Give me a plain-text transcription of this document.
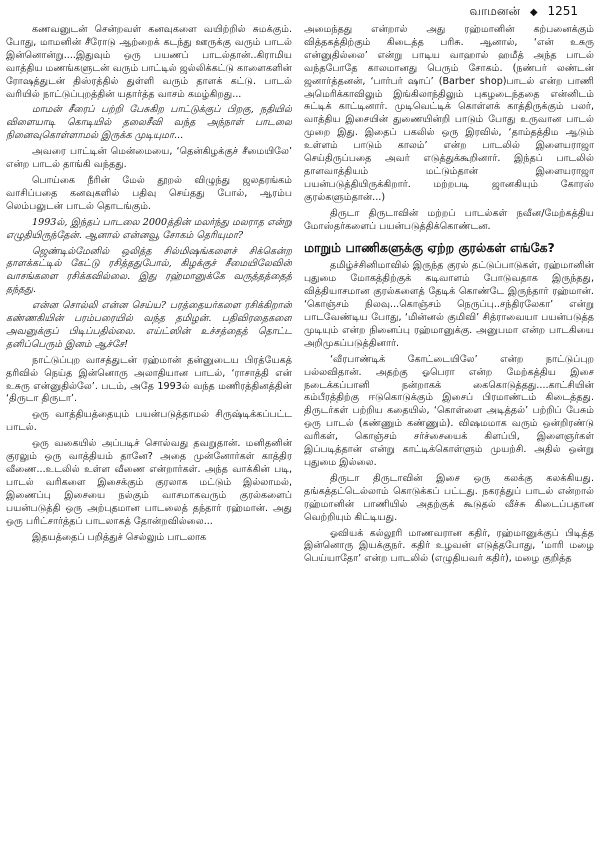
வாமனன் ◆ 1251

கணவனுடன் சென்றவள் கனவுகளை வயிற்றில் சுமக்கும். போது, மாமனின் சீரோடு ஆற்றைக் கடந்து ஊருக்கு வரும் பாடல் இன்னொன்று....இதுவும் ஒரு பயணப் பாடல்தான்..கிராமிய வாத்திய மணங்களுடன் வரும் பாட்டில் ஜல்லிக்கட்டு காளைகளின் ரோஷத்துடன் திஸ்ரத்தில் துள்ளி வரும் தாளக் கட்டு. பாடல் வரியில் நாட்டுப்புறத்தின் யதார்த்த வாசம் கமழ்கிறது...

மாமன் சீரைப் பற்றி பேசுகிற பாட்டுக்குப் பிறகு, நதியில் விளையாடி கொடியில் தலைசீவி வந்த அந்நாள் பாடலை நினைவுகொள்ளாமல் இருக்க முடியுமா...

அவரை பாட்டின் மென்மையை, ‘தென்கிழக்குச் சீமையிலே’ என்ற பாடல் தாங்கி வந்தது.

பொய்கை நீரின் மேல் தூறல் விழுந்து ஜலதரங்கம் வாசிப்பதை கனவுகளில் பதிவு செய்தது போல், ஆரம்ப லெம்பலுடன் பாடல் தொடங்கும்.

1993ல், இந்தப் பாடலை 2000த்தின் மலர்ந்து மலராத என்று எழுதியிருந்தேன். ஆனால் என்னவூ சோகம் தெரியுமா?

ஜெண்டில்மேனில் ஒலித்த சில்மிஷங்களைச் சிக்கென்ற தாளக்கட்டில் கேட்டு ரசித்ததுபோல், கிழக்குச் சீமையிலேவின் வாசங்களை ரசிக்கவில்லை. இது ரஹ்மானுக்கே வருத்தத்தைத் தந்தது.

என்ன சொல்லி என்ன செய்ய? பரத்தையர்களை ரசிக்கிறான் கண்ணகியின் பரம்பரையில் வந்த தமிழன். பதிவிரதைகளை அவனுக்குப் பிடிப்பதில்லை. எய்ட்ஸின் உச்சத்தைத் தொட்ட தனிப்பெரும் இனம் ஆச்சே!

நாட்டுப்புற வாசத்துடன் ரஹ்மான் தன்னுடைய பிரத்யேகத் தரிவில் நெய்த இன்னொரு அலாதியான பாடல், ‘ராசாத்தி என் உசுரு என்னுதில்லே’. படம், அதே 1993ல் வந்த மணிரத்தினத்தின் ‘திருடா திருடா’.

ஒரு வாத்தியத்தையும் பயன்படுத்தாமல் சிருஷ்டிக்கப்பட்ட பாடல்.

ஒரு வகையில் அப்படிச் சொல்வது தவறுதான். மனிதனின் குரலும் ஒரு வாத்தியம் தானே? அதை முன்னோர்கள் காத்திர வீணை...உடலில் உள்ள வீணை என்றார்கள். அந்த வாக்கின் படி, பாடல் வரிகளை இசைக்கும் குரலாக மட்டும் இல்லாமல், இணைப்பு இசையை நல்கும் வாசமாகவரும் குரல்களைப் பயன்படுத்தி ஒரு அற்புதமான பாடலைத் தந்தார் ரஹ்மான். அது ஒரு பரிட்சார்த்தப் பாடலாகத் தோன்றவில்லை...

இதயத்தைப் பறித்துச் செல்லும் பாடலாக

அமைந்தது என்றால் அது ரஹ்மானின் கற்பனைக்கும் வித்தகத்திற்கும் கிடைத்த பரிசு. ஆனால், ‘என் உசுரு என்னுதில்லை’ என்று பாடிய வாஹால் ஹமீத் அந்த பாடல் வந்தபோதே காலமானது பெரும் சோகம். (நண்பர் லண்டன் ஜனார்த்தனன், ‘பார்பர் ஷாப்’ (Barber shop)பாடல் என்ற பாணி அமெரிக்காவிலும் இங்கிலாந்திலும் புகழடைந்ததை என்னிடம் சுட்டிக் காட்டினார். முடிவெட்டிக் கொள்ளக் காத்திருக்கும் பலர், வாத்திய இசையின் துணையின்றி பாடும் போது உருவான பாடல் முறை இது. இதைப் பகலில் ஒரு இரவில், ‘தாம்தத்திம ஆடும் உள்ளம் பாடும் காலம்’ என்ற பாடலில் இளையராஜா செய்திருப்பதை அவர் எடுத்துக்கூறினார். இந்தப் பாடலில் தாளவாத்தியம் மட்டும்தான் இளையராஜா பயன்படுத்தியிருக்கிறார். மற்றபடி ஜானகியும் கோரஸ் குரல்களும்தான்...)

திருடா திருடாவின் மற்றப் பாடல்கள் நவீன/மேற்கத்திய மோஸ்தர்களைப் பயன்படுத்திக்கொண்டன.

மாறும் பாணிகளுக்கு ஏற்ற குரல்கள் எங்கே?

தமிழ்ச்சினிமாவில் இருந்த குரல் தட்டுப்பாடுகள், ரஹ்மானின் புதுமை மோகத்திற்குக் கடிவாளம் போடுவதாக இருந்தது, வித்தியாசமான குரல்களைத் தேடிக் கொண்டே இருந்தார் ரஹ்மான். ‘கொஞ்சம் நிலவு...கொஞ்சம் நெருப்பு..சந்திரலேகா’ என்று பாடவேண்டிய போது, ‘மின்னல் குமிவி’ சித்ராவையா பயன்படுத்த முடியும் என்ற நினைப்பு ரஹ்மானுக்கு. அனுபமா என்ற பாடகியை அறிமுகப்படுத்தினார்.

‘வீரபாண்டிக் கோட்டையிலே’ என்ற நாட்டுப்புற பல்லவிதான். அதற்கு ஓபெரா என்ற மேற்கத்திய இசை நடைக்கப்பானி நன்றாகக் கைகொடுத்தது....காட்சியின் கம்பீரத்திற்கு ஈடுகொடுக்கும் இசைப் பிரமாண்டம் கிடைத்தது. திருடர்கள் பற்றிய கதையில், ‘கொள்ளை அடித்தல்’ பற்றிப் பேசும் ஒரு பாடல் (கண்ணும் கண்ணும்). விஷமமாக வரும் ஒன்றிரண்டு வரிகள், கொஞ்சம் சர்ச்சையைக் கிளப்பி, இளைஞர்கள் இப்படித்தான் என்று காட்டிக்கொள்ளும் முயற்சி. அதில் ஒன்று புதுமை இல்லை.

திருடா திருடாவின் இசை ஒரு கலக்கு கலக்கியது. தங்கத்தட்டெல்லாம் கொடுக்கப் பட்டது. நகரத்துப் பாடல் என்றால் ரஹ்மானின் பாணியில் அதற்குக் கூடுதல் வீச்சு கிடைப்பதான வெற்றியும் கிட்டியது.

ஓவியக் கல்லூரி மாணவரான கதிர், ரஹ்மானுக்குப் பிடித்த இன்னொரு இயக்குநர். கதிர் உழவன் எடுத்தபோது, ‘மாரி மழை பெய்யாதோ’ என்ற பாடலில் (எழுதியவர் கதிர்), மழை குறித்த
